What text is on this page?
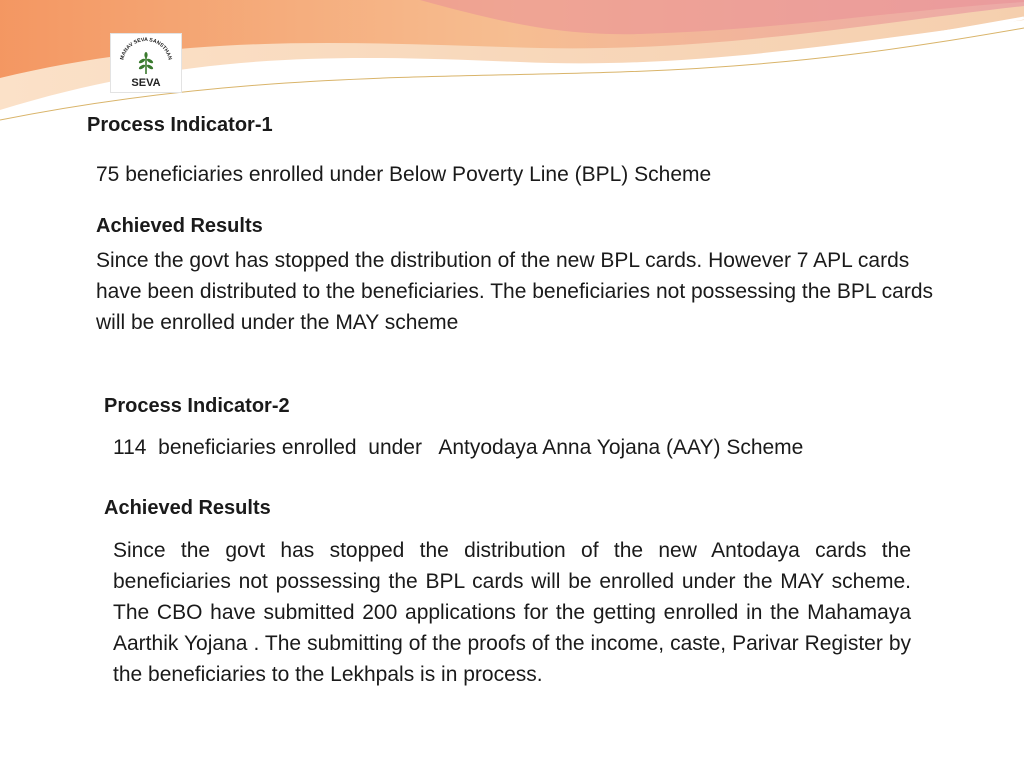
MANAV SEVA SANSTHAN
SEVA
Process Indicator-1
75 beneficiaries enrolled under Below Poverty Line (BPL) Scheme
Achieved Results
Since the govt has stopped the distribution of the new BPL cards. However 7 APL cards have been distributed to the beneficiaries. The beneficiaries not possessing the BPL cards will be enrolled under the MAY scheme
Process Indicator-2
114  beneficiaries enrolled  under   Antyodaya Anna Yojana (AAY) Scheme
Achieved Results
Since the govt has stopped the distribution of the new Antodaya cards the beneficiaries not possessing the BPL cards will be enrolled under the MAY scheme. The CBO have submitted 200 applications for the getting enrolled in the Mahamaya Aarthik Yojana . The submitting of the proofs of the income, caste, Parivar Register by the beneficiaries to the Lekhpals is in process.
